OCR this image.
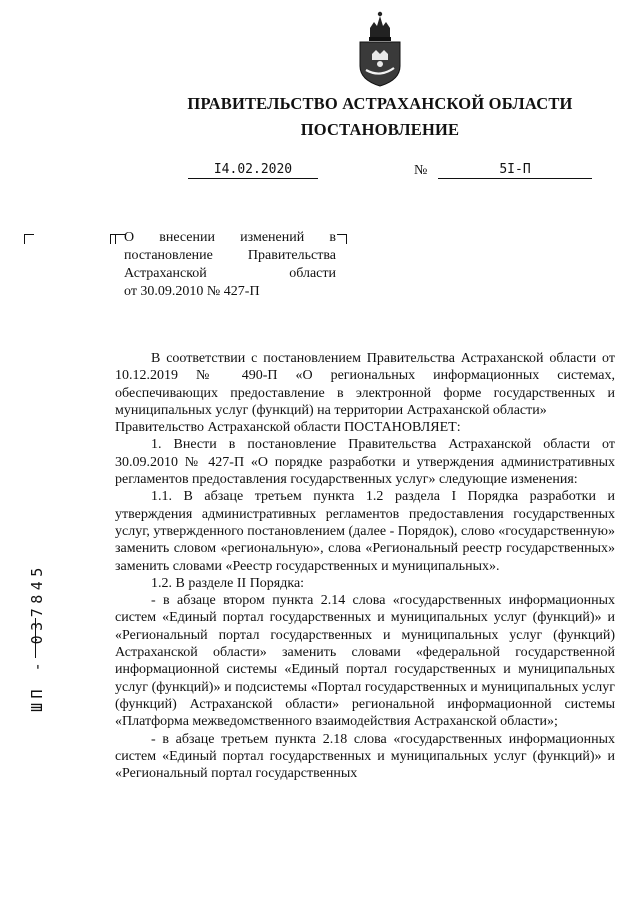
ПРАВИТЕЛЬСТВО АСТРАХАНСКОЙ ОБЛАСТИ
ПОСТАНОВЛЕНИЕ
I4.02.2020	№	5I-П
О внесении изменений в
постановление Правительства
Астраханской области
от 30.09.2010 № 427-П

В соответствии с постановлением Правительства Астраханской области от 10.12.2019 № 490-П «О региональных информационных системах, обеспечивающих предоставление в электронной форме государственных и муниципальных услуг (функций) на территории Астраханской области»

Правительство Астраханской области ПОСТАНОВЛЯЕТ:

1. Внести в постановление Правительства Астраханской области от 30.09.2010 № 427-П «О порядке разработки и утверждения административных регламентов предоставления государственных услуг» следующие изменения:

1.1. В абзаце третьем пункта 1.2 раздела I Порядка разработки и утверждения административных регламентов предоставления государственных услуг, утвержденного постановлением (далее - Порядок), слово «государственную» заменить словом «региональную», слова «Региональный реестр государственных» заменить словами «Реестр государственных и муниципальных».

1.2. В разделе II Порядка:

- в абзаце втором пункта 2.14 слова «государственных информационных систем «Единый портал государственных и муниципальных услуг (функций)» и «Региональный портал государственных и муниципальных услуг (функций) Астраханской области» заменить словами «федеральной государственной информационной системы «Единый портал государственных и муниципальных услуг (функций)» и подсистемы «Портал государственных и муниципальных услуг (функций) Астраханской области» региональной информационной системы «Платформа межведомственного взаимодействия Астраханской области»;

- в абзаце третьем пункта 2.18 слова «государственных информационных систем «Единый портал государственных и муниципальных услуг (функций)» и «Региональный портал государственных

ШП - 037845
